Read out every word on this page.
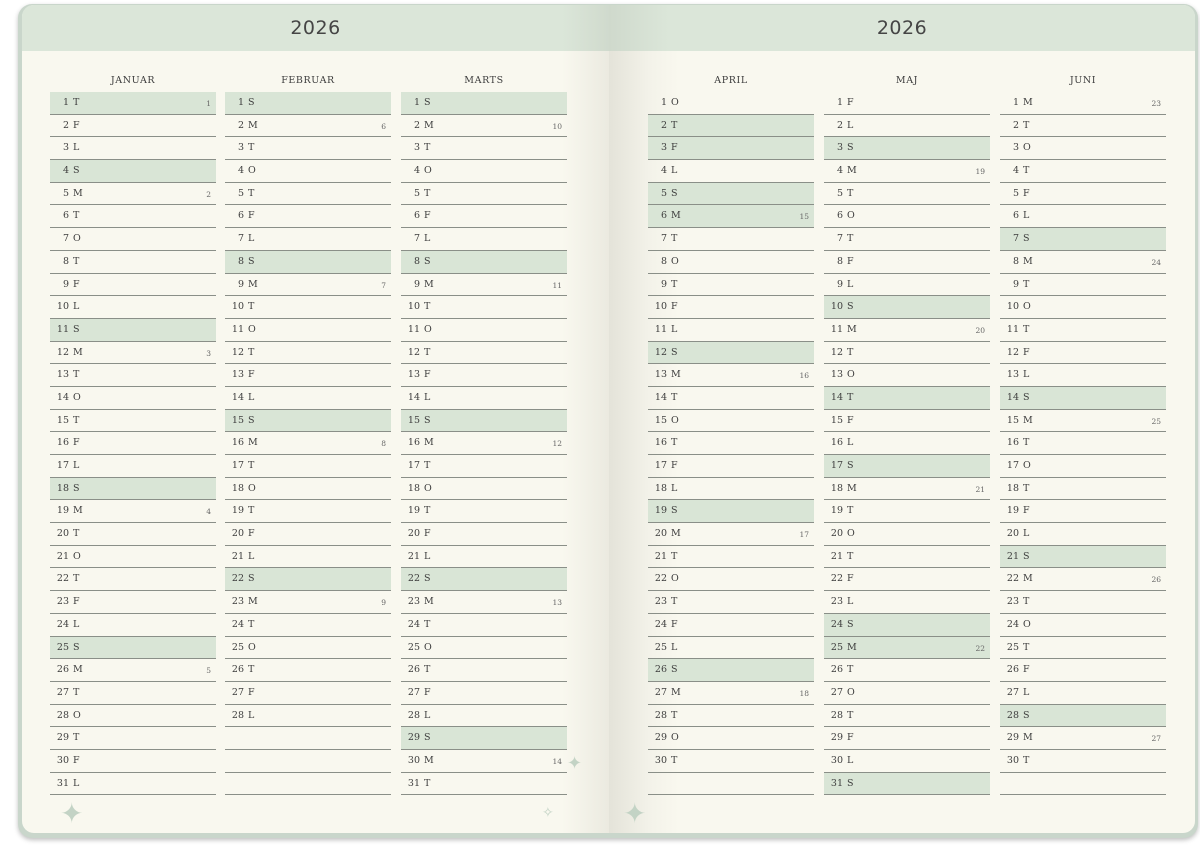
2026
JANUAR
1 T	1
2 F
3 L
4 S
5 M	2
6 T
7 O
8 T
9 F
10 L
11 S
12 M	3
13 T
14 O
15 T
16 F
17 L
18 S
19 M	4
20 T
21 O
22 T
23 F
24 L
25 S
26 M	5
27 T
28 O
29 T
30 F
31 L
FEBRUAR
1 S
2 M	6
3 T
4 O
5 T
6 F
7 L
8 S
9 M	7
10 T
11 O
12 T
13 F
14 L
15 S
16 M	8
17 T
18 O
19 T
20 F
21 L
22 S
23 M	9
24 T
25 O
26 T
27 F
28 L
MARTS
1 S
2 M	10
3 T
4 O
5 T
6 F
7 L
8 S
9 M	11
10 T
11 O
12 T
13 F
14 L
15 S
16 M	12
17 T
18 O
19 T
20 F
21 L
22 S
23 M	13
24 T
25 O
26 T
27 F
28 L
29 S
30 M	14
31 T
✦
✦
✧
2026
APRIL
1 O
2 T
3 F
4 L
5 S
6 M	15
7 T
8 O
9 T
10 F
11 L
12 S
13 M	16
14 T
15 O
16 T
17 F
18 L
19 S
20 M	17
21 T
22 O
23 T
24 F
25 L
26 S
27 M	18
28 T
29 O
30 T
MAJ
1 F
2 L
3 S
4 M	19
5 T
6 O
7 T
8 F
9 L
10 S
11 M	20
12 T
13 O
14 T
15 F
16 L
17 S
18 M	21
19 T
20 O
21 T
22 F
23 L
24 S
25 M	22
26 T
27 O
28 T
29 F
30 L
31 S
JUNI
1 M	23
2 T
3 O
4 T
5 F
6 L
7 S
8 M	24
9 T
10 O
11 T
12 F
13 L
14 S
15 M	25
16 T
17 O
18 T
19 F
20 L
21 S
22 M	26
23 T
24 O
25 T
26 F
27 L
28 S
29 M	27
30 T
✦
